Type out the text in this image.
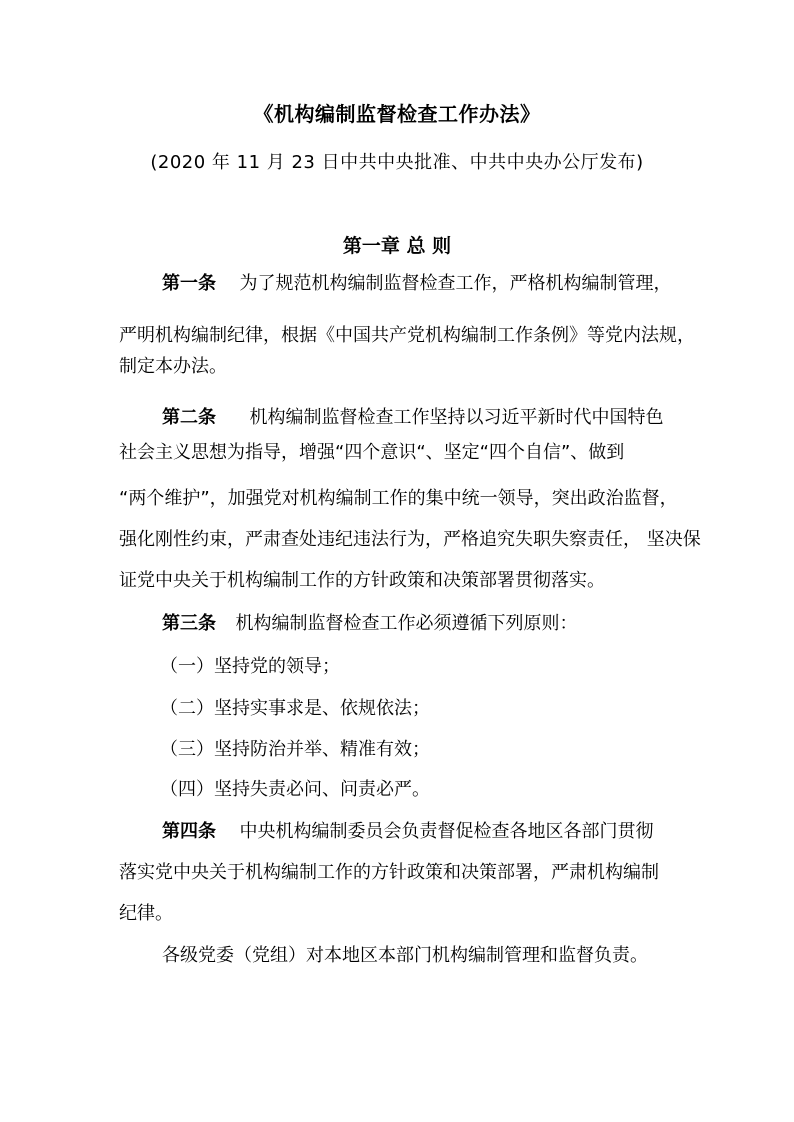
《机构编制监督检查工作办法》
(2020 年 11 月 23 日中共中央批准、中共中央办公厅发布)
第一章 总 则
第一条 为了规范机构编制监督检查工作，严格机构编制管理，
严明机构编制纪律，根据《中国共产党机构编制工作条例》等党内法规，
制定本办法。
第二条 机构编制监督检查工作坚持以习近平新时代中国特色
社会主义思想为指导，增强“四个意识“、坚定“四个自信”、做到
“两个维护”，加强党对机构编制工作的集中统一领导，突出政治监督，
强化刚性约束，严肃查处违纪违法行为，严格追究失职失察责任， 坚决保
证党中央关于机构编制工作的方针政策和决策部署贯彻落实。
第三条 机构编制监督检查工作必须遵循下列原则：
（一）坚持党的领导；
（二）坚持实事求是、依规依法；
（三）坚持防治并举、精准有效；
（四）坚持失责必问、问责必严。
第四条 中央机构编制委员会负责督促检查各地区各部门贯彻
落实党中央关于机构编制工作的方针政策和决策部署，严肃机构编制
纪律。
各级党委（党组）对本地区本部门机构编制管理和监督负责。
